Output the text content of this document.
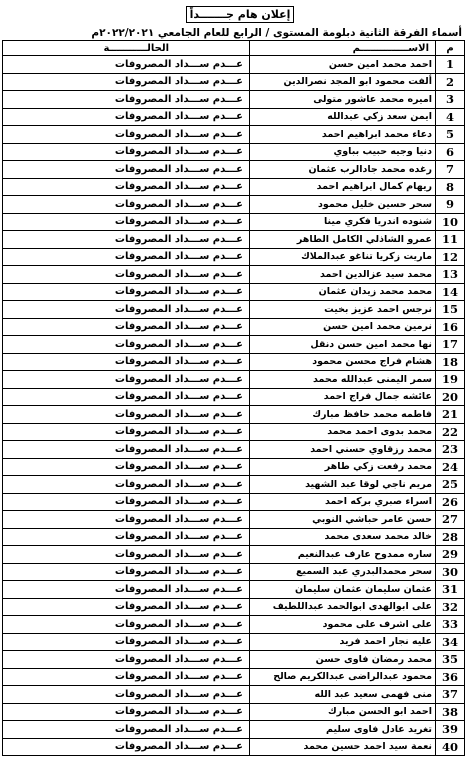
إعلان هام جـــــــداً
أسماء الفرقة الثانية دبلومة المستوى / الرابع للعام الجامعي ٢٠٢٢/٢٠٢١م
م	الاســــــــــــــم	الحالـــــــــــة
1	احمد محمد امين حسن	عـــدم ســـداد المصروفات
2	ألفت محمود ابو المجد نصرالدين	عـــدم ســـداد المصروفات
3	اميره محمد عاشور متولى	عـــدم ســـداد المصروفات
4	ايمن سعد زكي عبدالله	عـــدم ســـداد المصروفات
5	دعاء محمد ابراهيم احمد	عـــدم ســـداد المصروفات
6	دنيا وجيه حبيب بباوي	عـــدم ســـداد المصروفات
7	رغده محمد جادالرب عثمان	عـــدم ســـداد المصروفات
8	ريهام كمال ابراهيم احمد	عـــدم ســـداد المصروفات
9	سحر حسين خليل محمود	عـــدم ســـداد المصروفات
10	شنوده اندريا فكري مينا	عـــدم ســـداد المصروفات
11	عمرو الشاذلي الكامل الطاهر	عـــدم ســـداد المصروفات
12	ماريت زكريا تناغو عبدالملاك	عـــدم ســـداد المصروفات
13	محمد سيد عزالدين احمد	عـــدم ســـداد المصروفات
14	محمد محمد زيدان عثمان	عـــدم ســـداد المصروفات
15	نرجس احمد عزيز بخيت	عـــدم ســـداد المصروفات
16	نرمين محمد امين حسن	عـــدم ســـداد المصروفات
17	نها محمد امين حسن دنقل	عـــدم ســـداد المصروفات
18	هشام فراج محسن محمود	عـــدم ســـداد المصروفات
19	سمر اليمنى عبدالله محمد	عـــدم ســـداد المصروفات
20	عائشه جمال فراج احمد	عـــدم ســـداد المصروفات
21	فاطمه محمد حافظ مبارك	عـــدم ســـداد المصروفات
22	محمد بدوى احمد محمد	عـــدم ســـداد المصروفات
23	محمد رزقاوي حسني احمد	عـــدم ســـداد المصروفات
24	محمد رفعت زكي طاهر	عـــدم ســـداد المصروفات
25	مريم ناجي لوقا عبد الشهيد	عـــدم ســـداد المصروفات
26	اسراء صبري بركه احمد	عـــدم ســـداد المصروفات
27	حسن عامر حباشي النوبي	عـــدم ســـداد المصروفات
28	خالد محمد سعدى محمد	عـــدم ســـداد المصروفات
29	ساره ممدوح عارف عبدالنعيم	عـــدم ســـداد المصروفات
30	سحر محمدالبدري عبد السميع	عـــدم ســـداد المصروفات
31	عثمان سليمان عثمان سليمان	عـــدم ســـداد المصروفات
32	على ابوالهدى ابوالحمد عبداللطيف	عـــدم ســـداد المصروفات
33	على اشرف على محمود	عـــدم ســـداد المصروفات
34	عليه نجار احمد فريد	عـــدم ســـداد المصروفات
35	محمد رمضان فاوى حسن	عـــدم ســـداد المصروفات
36	محمود عبدالراضى عبدالكريم صالح	عـــدم ســـداد المصروفات
37	منى فهمى سعيد عبد الله	عـــدم ســـداد المصروفات
38	احمد ابو الحسن مبارك	عـــدم ســـداد المصروفات
39	تغريد عادل فاوى سليم	عـــدم ســـداد المصروفات
40	نعمة سيد احمد حسين محمد	عـــدم ســـداد المصروفات
